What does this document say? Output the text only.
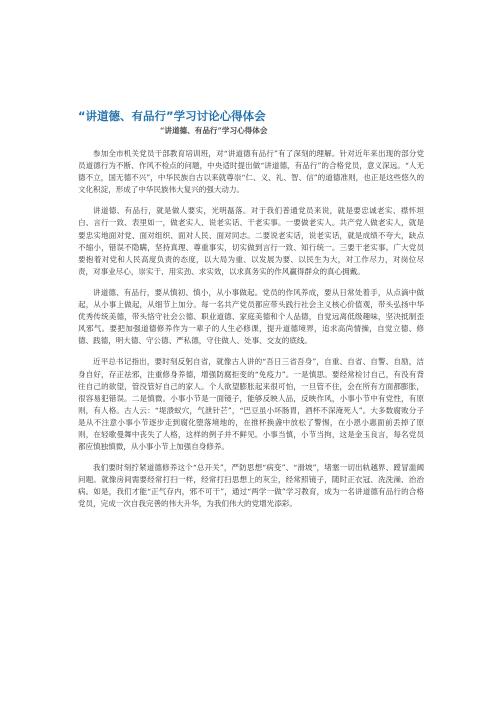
“讲道德、有品行”学习讨论心得体会
“讲道德、有品行”学习心得体会

参加全市机关党员干部教育培训班，对“讲道德有品行”有了深刻的理解。针对近年来出现的部分党员道德行为不断、作风不检点的问题，中央适时提出做“讲道德，有品行”的合格党员，意义深远。“人无德不立，国无德不兴”，中华民族自古以来就尊崇“仁、义、礼、智、信”的道德准则，也正是这些悠久的文化积淀，形成了中华民族伟大复兴的强大动力。

讲道德、有品行，就是做人要实，光明磊落。对于我们普通党员来说，就是要忠诚老实、襟怀坦白、言行一致、表里如一，做老实人、说老实话、干老实事。一要做老实人。共产党人做老实人，就是要忠实地面对党、面对组织、面对人民、面对同志。二要说老实话，说老实话，就是成绩不夸大，缺点不缩小，错误不隐瞒，坚持真理、尊重事实，切实做到言行一致、知行统一。三要干老实事。广大党员要抱着对党和人民高度负责的态度，以大局为重、以发展为要、以民生为大，对工作尽力，对岗位尽责，对事业尽心，崇实干、用实劲、求实效，以求真务实的作风赢得群众的真心拥戴。

讲道德、有品行，要从慎初、慎小，从小事做起。党员的作风养成，要从日常处着手，从点滴中做起，从小事上做起，从细节上加分。每一名共产党员都应带头践行社会主义核心价值观，带头弘扬中华优秀传统美德，带头恪守社会公德、职业道德、家庭美德和个人品德，自觉远离低级趣味，坚决抵制歪风邪气。要把加强道德修养作为一辈子的人生必修课，提升道德境界，追求高尚情操，自觉立德、修德、践德，明大德、守公德、严私德，守住做人、处事、交友的底线。

近平总书记指出，要时刻反躬自省，就像古人讲的“吾日三省吾身”，自重、自省、自警、自励，洁身自好，存正祛邪，注重修身养德，增强防腐拒变的“免疫力”。一是慎思。要经常检讨自己，有没有背往自己的欲望，管没管好自己的家人。个人欲望膨胀起来很可怕，一旦管不住，会在所有方面都膨胀，很容易犯错误。二是慎微。小事小节是一面镜子，能够反映人品，反映作风，小事小节中有党性，有原则，有人格。古人云：“堤溃蚁穴，气泄针芒”，“巴豆虽小坏肠胃，酒杯不深淹死人”。大多数腐败分子是从不注意小事小节逐步走到腐化堕落境地的，在推杯换盏中放松了警惕，在小恩小惠面前丢掉了原则，在轻歌曼舞中丧失了人格，这样的例子并不鲜见。小事当慎，小节当拘，这是金玉良言，每名党员都应慎独慎微，从小事小节上加强自身修养。

我们要时刻拧紧道德修养这个“总开关”，严防思想“病变”、“滑坡”，堵塞一切出轨越界、蹚冒滥阈问题。就像房间需要经常打扫一样，经常打扫思想上的灰尘，经常照镜子，随时正衣冠、洗洗澡、治治病。如是，我们才能“正气存内，邪不可干”，通过“两学一做”学习教育，成为一名讲道德有品行的合格党员，完成一次自我完善的伟大升华，为我们伟大的党增光添彩。
